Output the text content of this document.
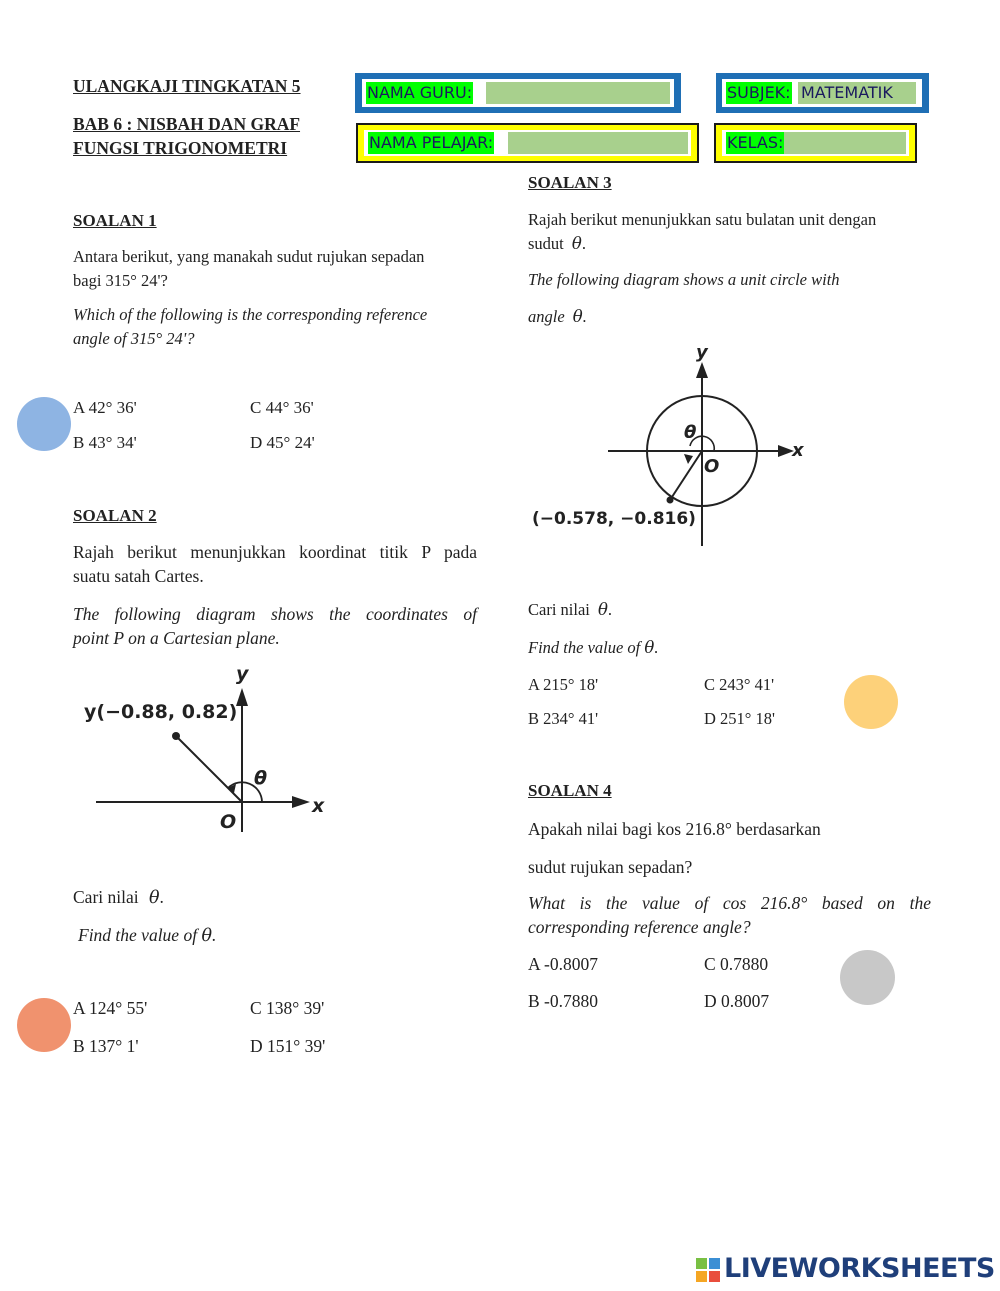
ULANGKAJI TINGKATAN 5
BAB 6 : NISBAH DAN GRAF
FUNGSI TRIGONOMETRI
NAMA GURU:	SUBJEK: MATEMATIK
NAMA PELAJAR:	KELAS:
SOALAN 1
Antara berikut, yang manakah sudut rujukan sepadan
bagi 315° 24'?
Which of the following is the corresponding reference
angle of 315° 24'?
A 42° 36'	C 44° 36'
B 43° 34'	D 45° 24'
SOALAN 2
Rajah berikut menunjukkan koordinat titik P pada
suatu satah Cartes.
The following diagram shows the coordinates of
point P on a Cartesian plane.
y(−0.88, 0.82)
y
x
O
θ
Cari nilai θ.
Find the value of θ.
A 124° 55'	C 138° 39'
B 137° 1'	D 151° 39'
SOALAN 3
Rajah berikut menunjukkan satu bulatan unit dengan
sudut θ.
The following diagram shows a unit circle with
angle θ.
y
x
O
θ
(−0.578, −0.816)
Cari nilai θ.
Find the value of θ.
A 215° 18'	C 243° 41'
B 234° 41'	D 251° 18'
SOALAN 4
Apakah nilai bagi kos 216.8° berdasarkan
sudut rujukan sepadan?
What is the value of cos 216.8° based on the
corresponding reference angle?
A -0.8007	C 0.7880
B -0.7880	D 0.8007
LIVEWORKSHEETS
